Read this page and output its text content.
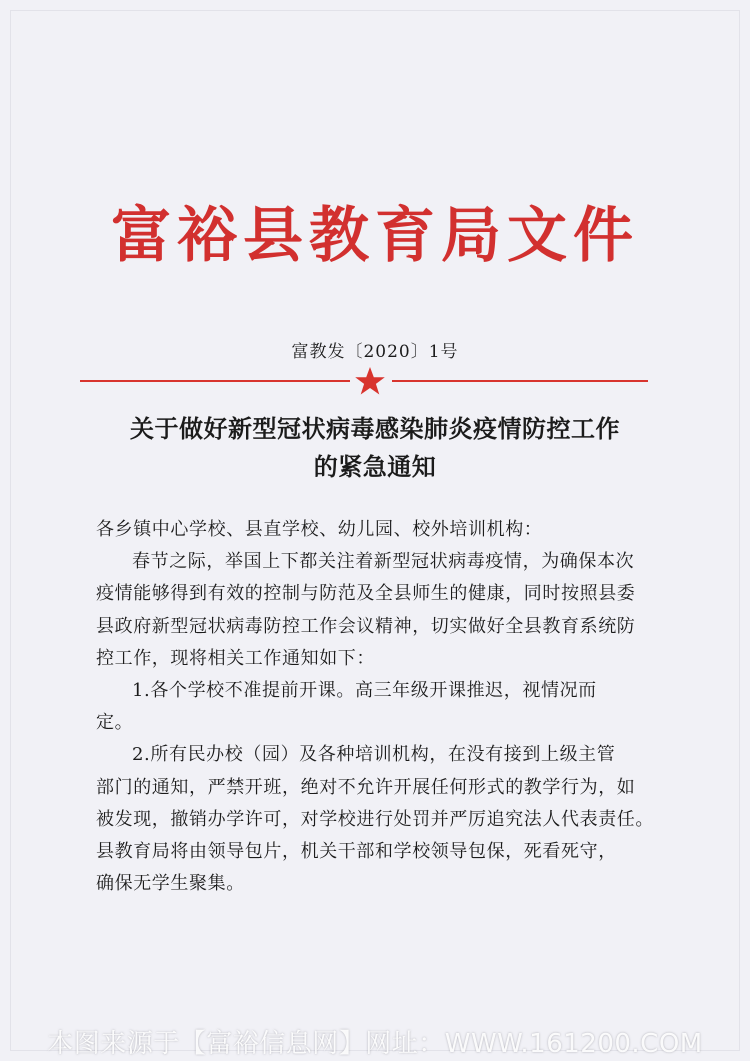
富裕县教育局文件
富教发〔2020〕1号
关于做好新型冠状病毒感染肺炎疫情防控工作
的紧急通知

各乡镇中心学校、县直学校、幼儿园、校外培训机构：

春节之际，举国上下都关注着新型冠状病毒疫情，为确保本次
疫情能够得到有效的控制与防范及全县师生的健康，同时按照县委
县政府新型冠状病毒防控工作会议精神，切实做好全县教育系统防
控工作，现将相关工作通知如下：

1.各个学校不准提前开课。高三年级开课推迟，视情况而
定。

2.所有民办校（园）及各种培训机构，在没有接到上级主管
部门的通知，严禁开班，绝对不允许开展任何形式的教学行为，如
被发现，撤销办学许可，对学校进行处罚并严厉追究法人代表责任。
县教育局将由领导包片，机关干部和学校领导包保，死看死守，
确保无学生聚集。

本图来源于【富裕信息网】网址：WWW.161200.COM
